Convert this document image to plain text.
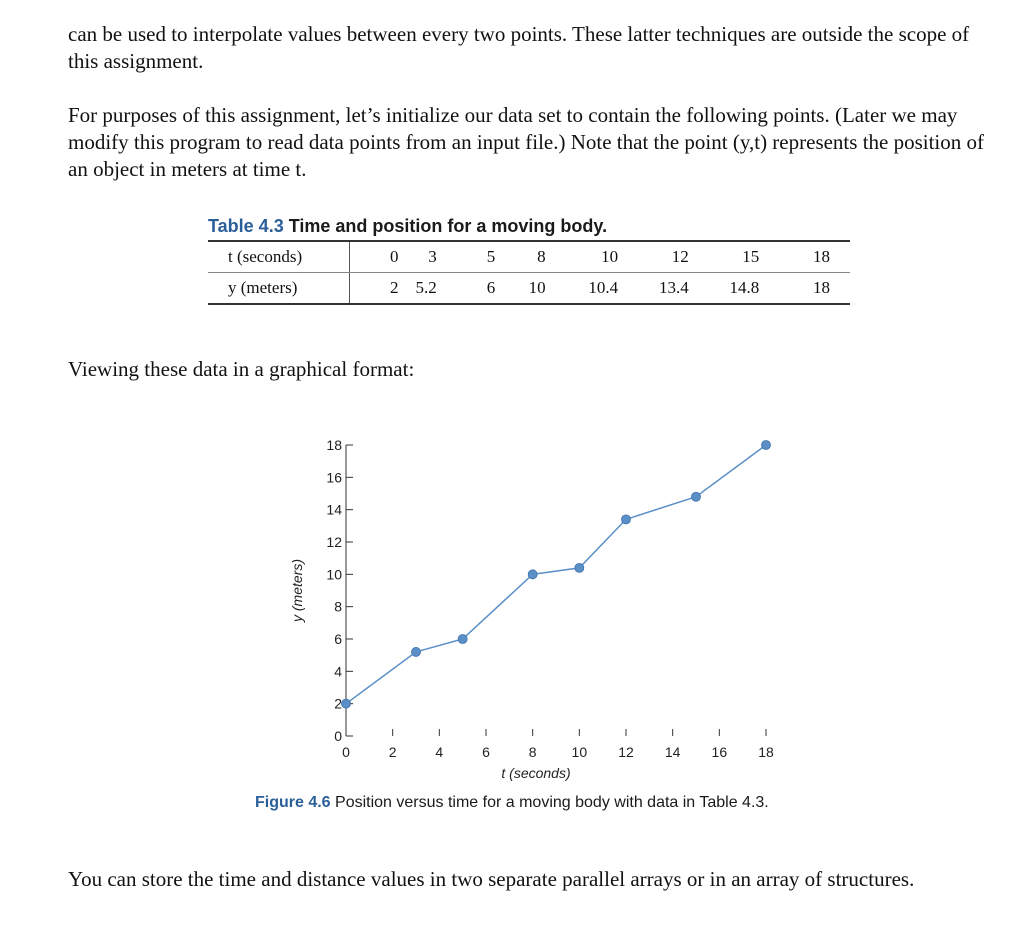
can be used to interpolate values between every two points. These latter techniques are outside the scope of this assignment.

For purposes of this assignment, let’s initialize our data set to contain the following points. (Later we may modify this program to read data points from an input file.) Note that the point (y,t) represents the position of an object in meters at time t.

Table 4.3 Time and position for a moving body.
t (seconds)	0	3	5	8	10	12	15	18
y (meters)	2	5.2	6	10	10.4	13.4	14.8	18

Viewing these data in a graphical format:

0
2
4
6
8
10
12
14
16
18
0	2	4	6	8 10 12 14 16 18
t (seconds)
y (meters)
Figure 4.6 Position versus time for a moving body with data in Table 4.3.

You can store the time and distance values in two separate parallel arrays or in an array of structures.
